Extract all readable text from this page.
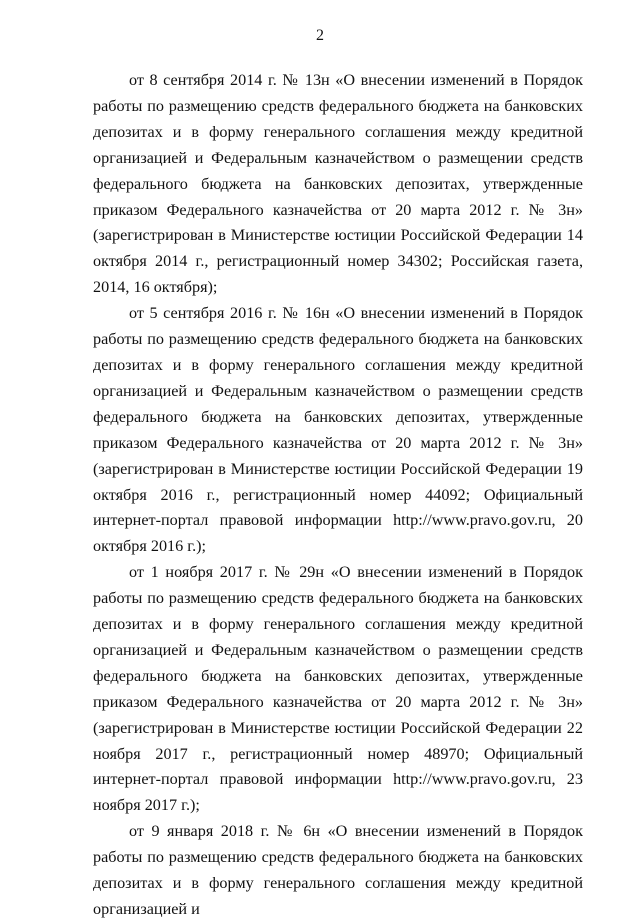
2

от 8 сентября 2014 г. № 13н «О внесении изменений в Порядок работы по размещению средств федерального бюджета на банковских депозитах и в форму генерального соглашения между кредитной организацией и Федеральным казначейством о размещении средств федерального бюджета на банковских депозитах, утвержденные приказом Федерального казначейства от 20 марта 2012 г. № 3н» (зарегистрирован в Министерстве юстиции Российской Федерации 14 октября 2014 г., регистрационный номер 34302; Российская газета, 2014, 16 октября);

от 5 сентября 2016 г. № 16н «О внесении изменений в Порядок работы по размещению средств федерального бюджета на банковских депозитах и в форму генерального соглашения между кредитной организацией и Федеральным казначейством о размещении средств федерального бюджета на банковских депозитах, утвержденные приказом Федерального казначейства от 20 марта 2012 г. № 3н» (зарегистрирован в Министерстве юстиции Российской Федерации 19 октября 2016 г., регистрационный номер 44092; Официальный интернет-портал правовой информации http://www.pravo.gov.ru, 20 октября 2016 г.);

от 1 ноября 2017 г. № 29н «О внесении изменений в Порядок работы по размещению средств федерального бюджета на банковских депозитах и в форму генерального соглашения между кредитной организацией и Федеральным казначейством о размещении средств федерального бюджета на банковских депозитах, утвержденные приказом Федерального казначейства от 20 марта 2012 г. № 3н» (зарегистрирован в Министерстве юстиции Российской Федерации 22 ноября 2017 г., регистрационный номер 48970; Официальный интернет-портал правовой информации http://www.pravo.gov.ru, 23 ноября 2017 г.);

от 9 января 2018 г. № 6н «О внесении изменений в Порядок работы по размещению средств федерального бюджета на банковских депозитах и в форму генерального соглашения между кредитной организацией и
